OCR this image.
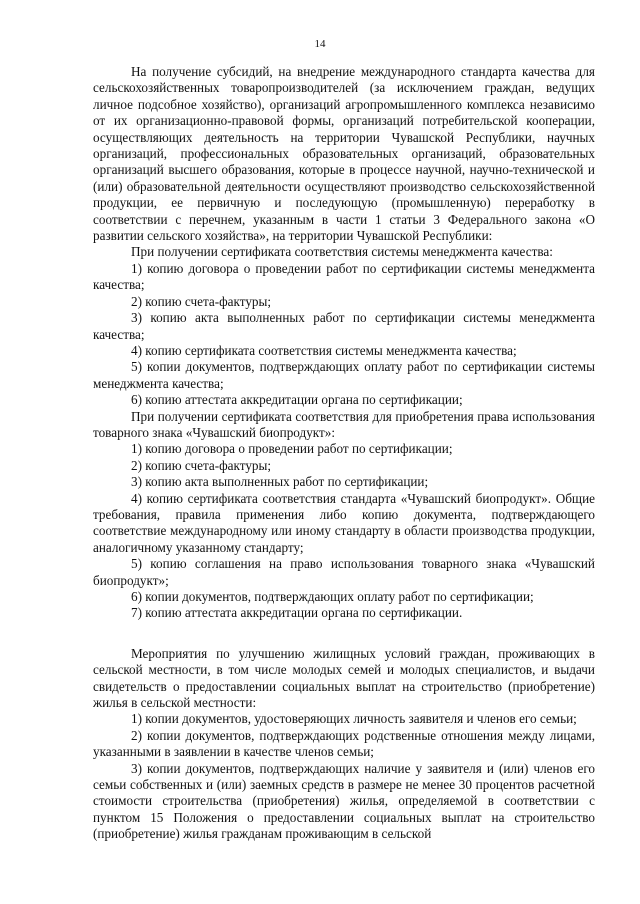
14

На получение субсидий, на внедрение международного стандарта качества для сельскохозяйственных товаропроизводителей (за исключением граждан, ведущих личное подсобное хозяйство), организаций агропромышленного комплекса независимо от их организационно-правовой формы, организаций потребительской кооперации, осуществляющих деятельность на территории Чувашской Республики, научных организаций, профессиональных образовательных организаций, образовательных организаций высшего образования, которые в процессе научной, научно-технической и (или) образовательной деятельности осуществляют производство сельскохозяйственной продукции, ее первичную и последующую (промышленную) переработку в соответствии с перечнем, указанным в части 1 статьи 3 Федерального закона «О развитии сельского хозяйства», на территории Чувашской Республики:

При получении сертификата соответствия системы менеджмента качества:

1) копию договора о проведении работ по сертификации системы менеджмента качества;

2) копию счета-фактуры;

3) копию акта выполненных работ по сертификации системы менеджмента качества;

4) копию сертификата соответствия системы менеджмента качества;

5) копии документов, подтверждающих оплату работ по сертификации системы менеджмента качества;

6) копию аттестата аккредитации органа по сертификации;

При получении сертификата соответствия для приобретения права использования товарного знака «Чувашский биопродукт»:

1) копию договора о проведении работ по сертификации;

2) копию счета-фактуры;

3) копию акта выполненных работ по сертификации;

4) копию сертификата соответствия стандарта «Чувашский биопродукт». Общие требования, правила применения либо копию документа, подтверждающего соответствие международному или иному стандарту в области производства продукции, аналогичному указанному стандарту;

5) копию соглашения на право использования товарного знака «Чувашский биопродукт»;

6) копии документов, подтверждающих оплату работ по сертификации;

7) копию аттестата аккредитации органа по сертификации.

Мероприятия по улучшению жилищных условий граждан, проживающих в сельской местности, в том числе молодых семей и молодых специалистов, и выдачи свидетельств о предоставлении социальных выплат на строительство (приобретение) жилья в сельской местности:

1) копии документов, удостоверяющих личность заявителя и членов его семьи;

2) копии документов, подтверждающих родственные отношения между лицами, указанными в заявлении в качестве членов семьи;

3) копии документов, подтверждающих наличие у заявителя и (или) членов его семьи собственных и (или) заемных средств в размере не менее 30 процентов расчетной стоимости строительства (приобретения) жилья, определяемой в соответствии с пунктом 15 Положения о предоставлении социальных выплат на строительство (приобретение) жилья гражданам проживающим в сельской
